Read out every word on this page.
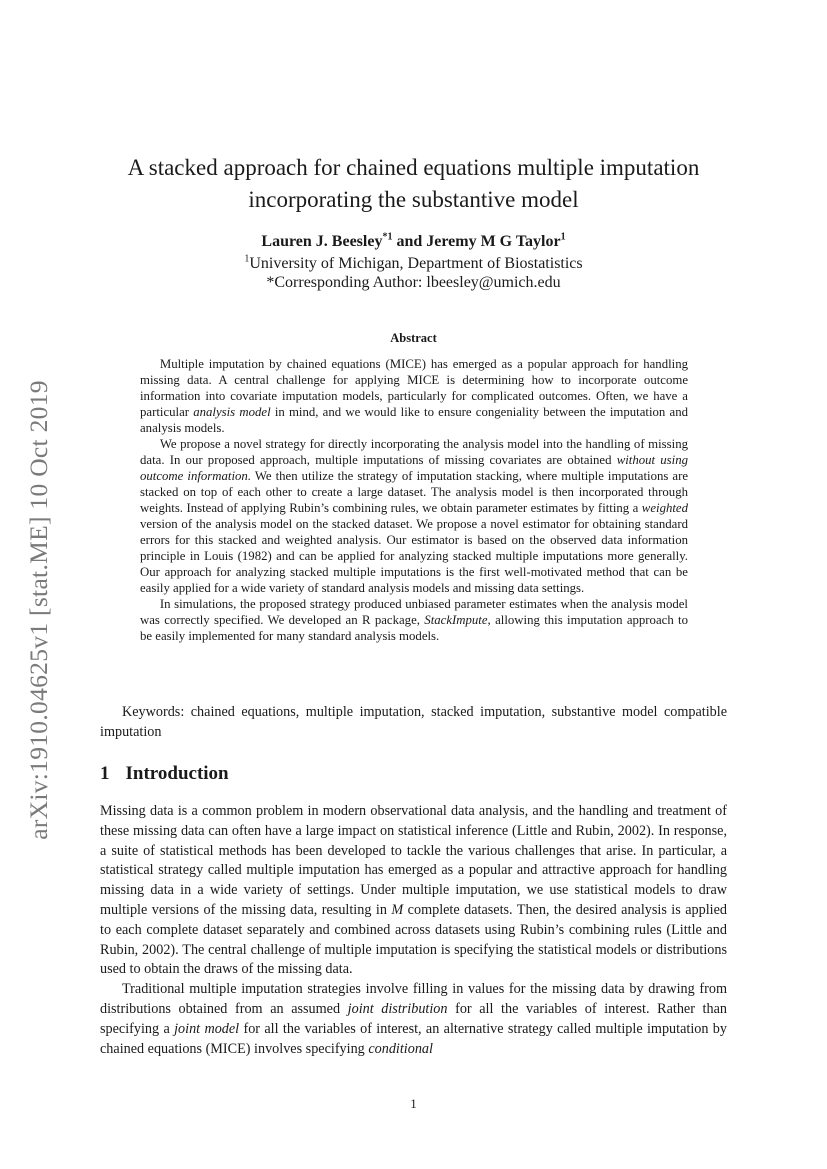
arXiv:1910.04625v1 [stat.ME] 10 Oct 2019
A stacked approach for chained equations multiple imputation
incorporating the substantive model
Lauren J. Beesley$^{*1}$ and Jeremy M G Taylor$^1$
$^1$University of Michigan, Department of Biostatistics
*Corresponding Author: lbeesley@umich.edu
Abstract

Multiple imputation by chained equations (MICE) has emerged as a popular approach for handling missing data. A central challenge for applying MICE is determining how to incorporate outcome information into covariate imputation models, particularly for complicated outcomes. Often, we have a particular analysis model in mind, and we would like to ensure congeniality between the imputation and analysis models.

We propose a novel strategy for directly incorporating the analysis model into the handling of missing data. In our proposed approach, multiple imputations of missing covariates are obtained without using outcome information. We then utilize the strategy of imputation stacking, where multiple imputations are stacked on top of each other to create a large dataset. The analysis model is then incorporated through weights. Instead of applying Rubin’s combining rules, we obtain parameter estimates by fitting a weighted version of the analysis model on the stacked dataset. We propose a novel estimator for obtaining standard errors for this stacked and weighted analysis. Our estimator is based on the observed data information principle in Louis (1982) and can be applied for analyzing stacked multiple imputations more generally. Our approach for analyzing stacked multiple imputations is the first well-motivated method that can be easily applied for a wide variety of standard analysis models and missing data settings.

In simulations, the proposed strategy produced unbiased parameter estimates when the analysis model was correctly specified. We developed an R package, StackImpute, allowing this imputation approach to be easily implemented for many standard analysis models.

Keywords: chained equations, multiple imputation, stacked imputation, substantive model compatible imputation
1 Introduction

Missing data is a common problem in modern observational data analysis, and the handling and treatment of these missing data can often have a large impact on statistical inference (Little and Rubin, 2002). In response, a suite of statistical methods has been developed to tackle the various challenges that arise. In particular, a statistical strategy called multiple imputation has emerged as a popular and attractive approach for handling missing data in a wide variety of settings. Under multiple imputation, we use statistical models to draw multiple versions of the missing data, resulting in M complete datasets. Then, the desired analysis is applied to each complete dataset separately and combined across datasets using Rubin’s combining rules (Little and Rubin, 2002). The central challenge of multiple imputation is specifying the statistical models or distributions used to obtain the draws of the missing data.

Traditional multiple imputation strategies involve filling in values for the missing data by drawing from distributions obtained from an assumed joint distribution for all the variables of interest. Rather than specifying a joint model for all the variables of interest, an alternative strategy called multiple imputation by chained equations (MICE) involves specifying conditional

1
